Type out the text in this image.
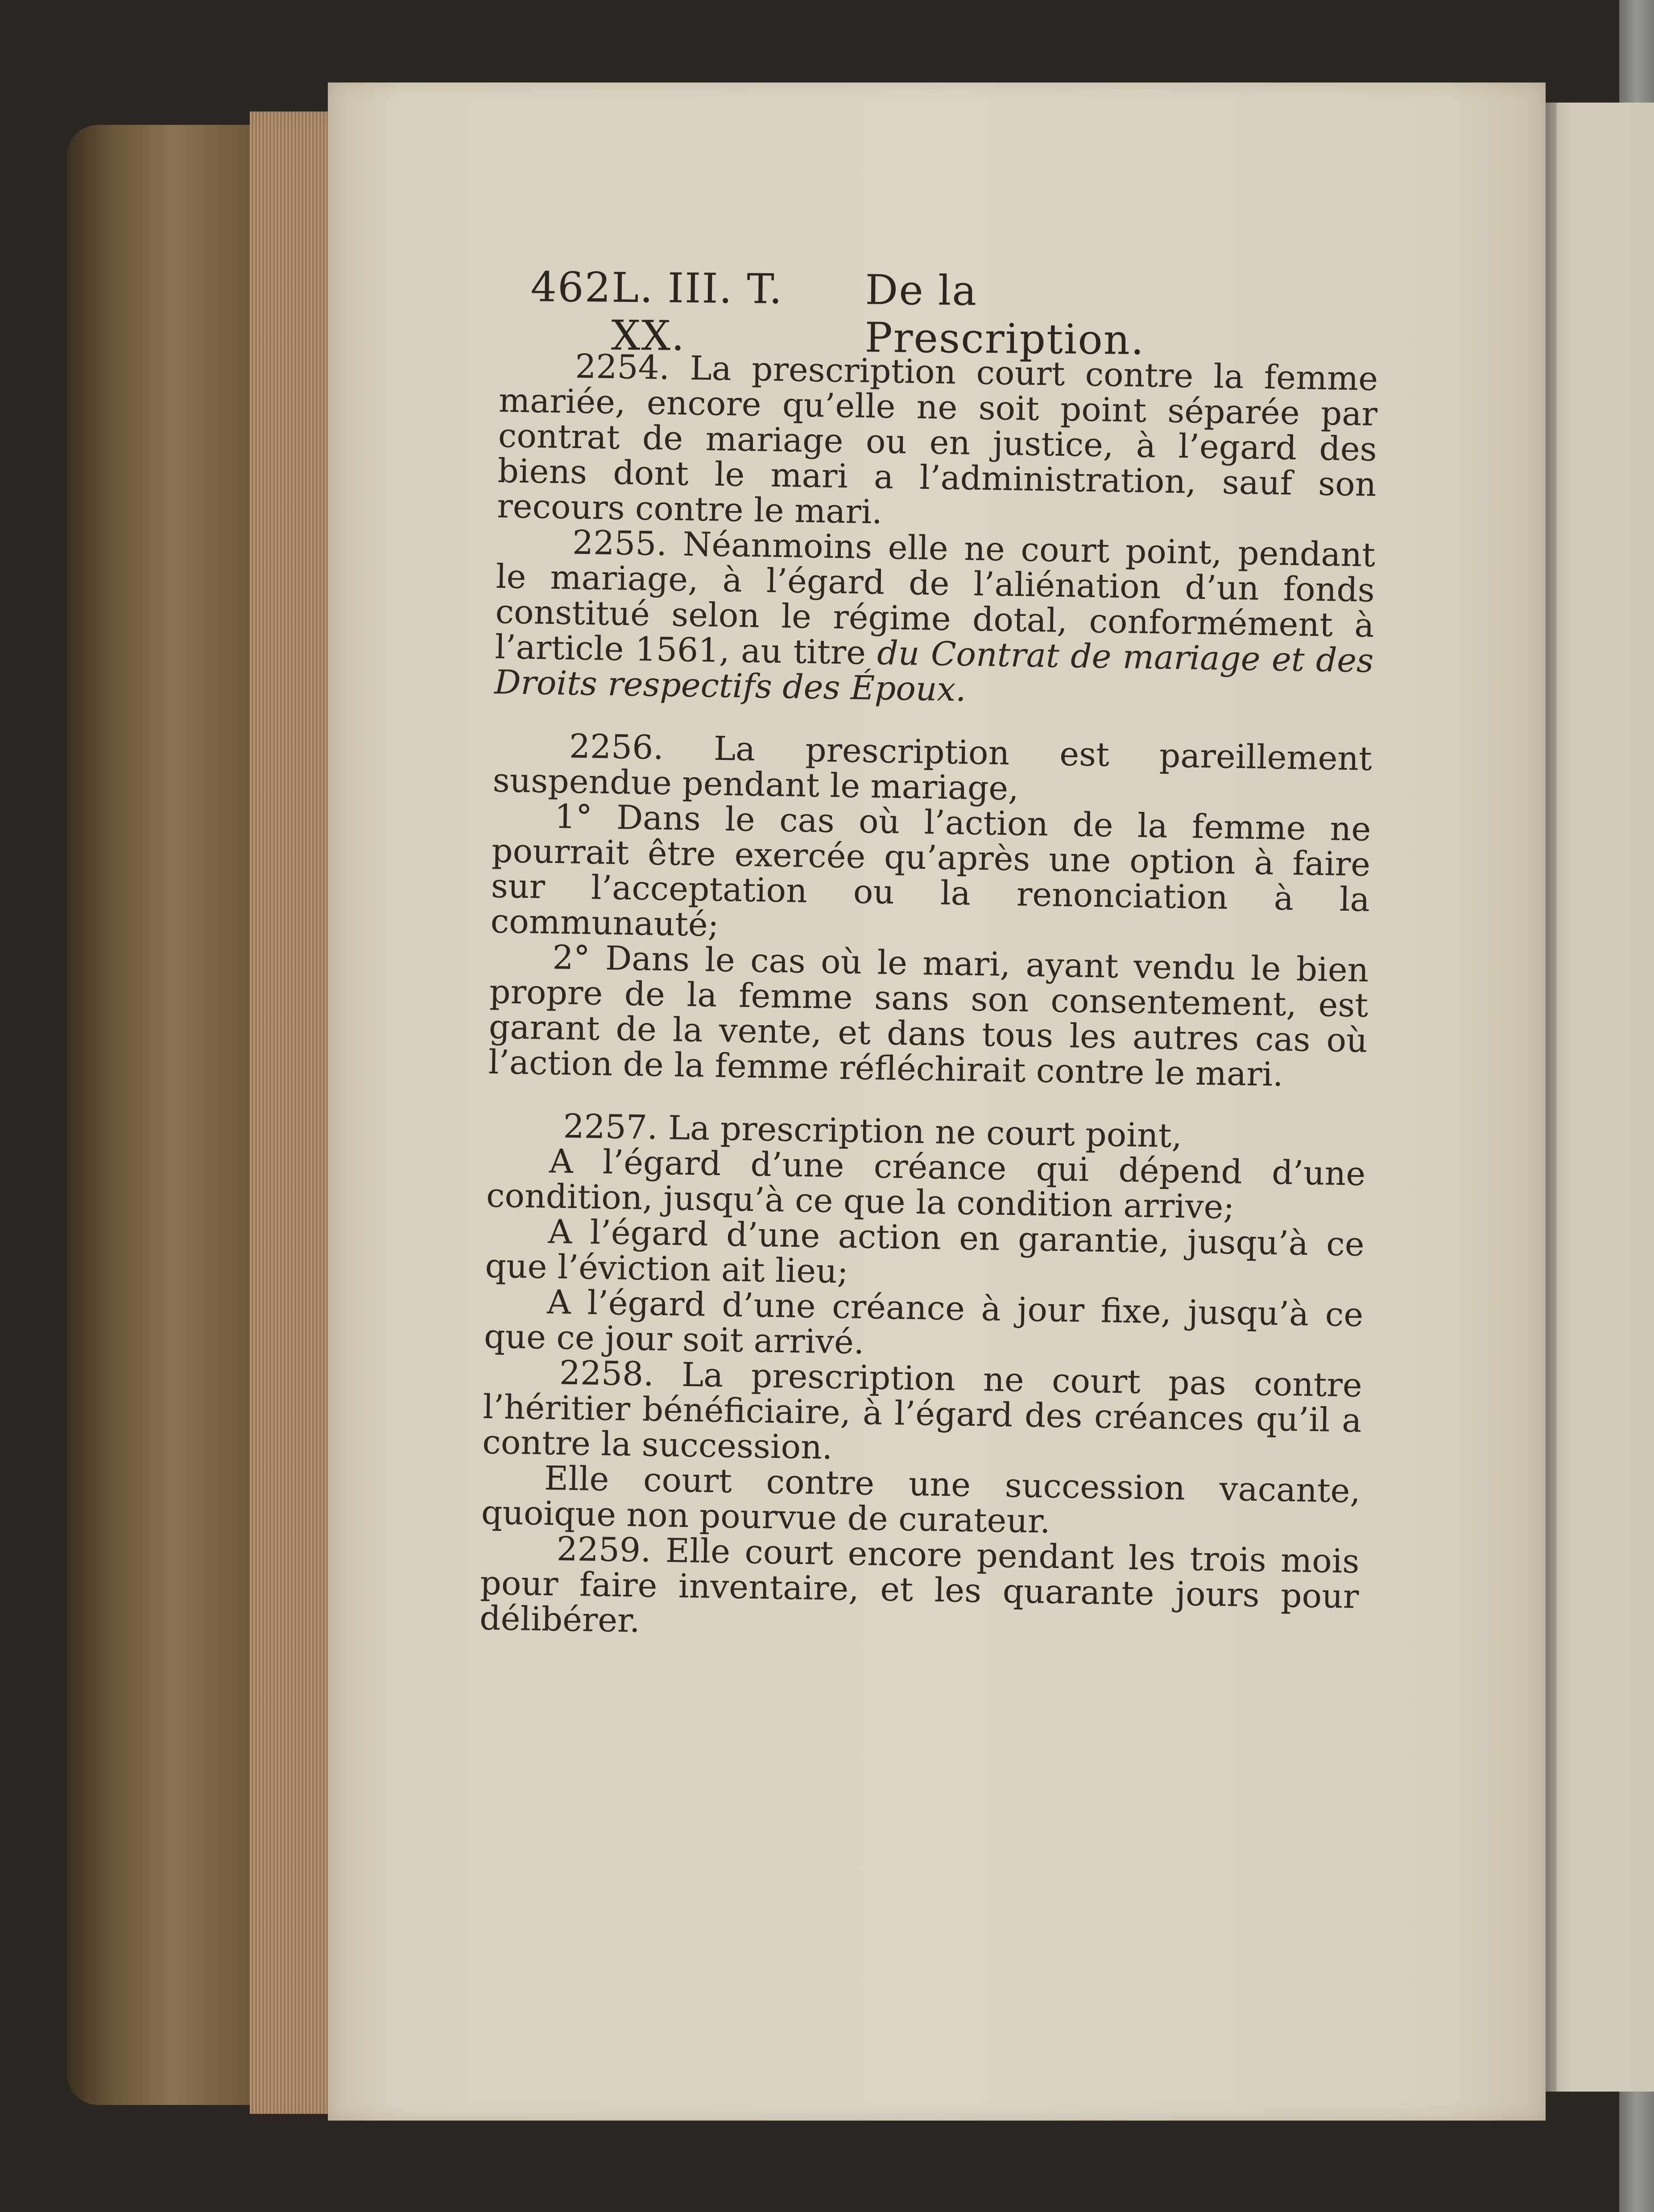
462 L. III. T. XX.
De la Prescription.

2254. La prescription court contre la femme mariée, encore qu’elle ne soit point séparée par contrat de mariage ou en justice, à l’egard des biens dont le mari a l’administration, sauf son recours contre le mari.

2255. Néanmoins elle ne court point, pendant le mariage, à l’égard de l’aliénation d’un fonds constitué selon le régime dotal, conformément à l’article 1561, au titre du Contrat de mariage et des Droits respectifs des Époux.

2256. La prescription est pareillement suspendue pendant le mariage,

1° Dans le cas où l’action de la femme ne pourrait être exercée qu’après une option à faire sur l’acceptation ou la renonciation à la communauté;

2° Dans le cas où le mari, ayant vendu le bien propre de la femme sans son consentement, est garant de la vente, et dans tous les autres cas où l’action de la femme réfléchirait contre le mari.

2257. La prescription ne court point,

A l’égard d’une créance qui dépend d’une condition, jusqu’à ce que la condition arrive;

A l’égard d’une action en garantie, jusqu’à ce que l’éviction ait lieu;

A l’égard d’une créance à jour fixe, jusqu’à ce que ce jour soit arrivé.

2258. La prescription ne court pas contre l’héritier bénéficiaire, à l’égard des créances qu’il a contre la succession.

Elle court contre une succession vacante, quoique non pourvue de curateur.

2259. Elle court encore pendant les trois mois pour faire inventaire, et les quarante jours pour délibérer.
